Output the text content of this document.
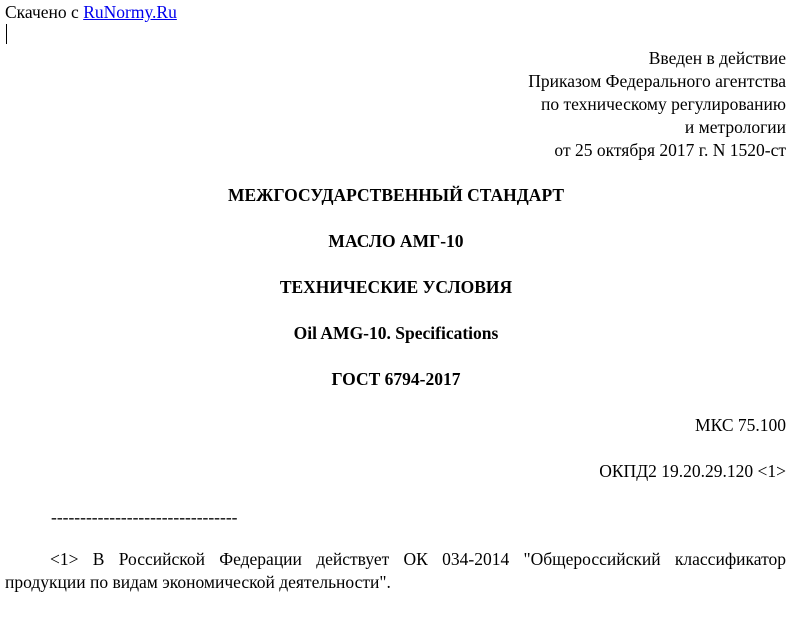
Скачено с RuNormy.Ru
Введен в действие
Приказом Федерального агентства
по техническому регулированию
и метрологии
от 25 октября 2017 г. N 1520-ст
МЕЖГОСУДАРСТВЕННЫЙ СТАНДАРТ
МАСЛО АМГ-10
ТЕХНИЧЕСКИЕ УСЛОВИЯ
Oil AMG-10. Specifications
ГОСТ 6794-2017
МКС 75.100
ОКПД2 19.20.29.120 <1>
--------------------------------
<1> В Российской Федерации действует ОК 034-2014 "Общероссийский классификатор продукции по видам экономической деятельности".
